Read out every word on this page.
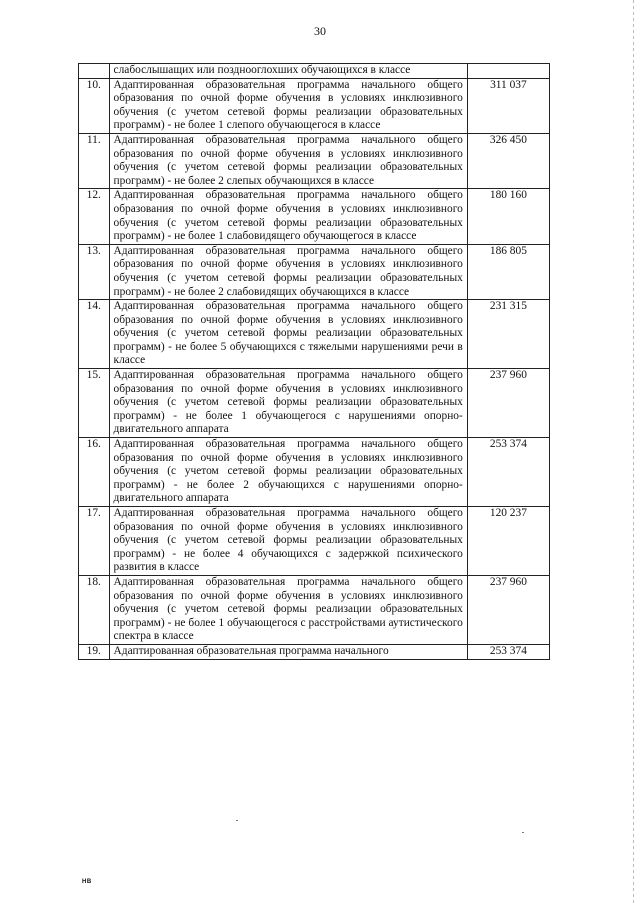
30
	слабослышащих или позднооглохших обучающихся в классе	
10.	Адаптированная образовательная программа начального общего образования по очной форме обучения в условиях инклюзивного обучения (с учетом сетевой формы реализации образовательных программ) - не более 1 слепого обучающегося в классе	311 037
11.	Адаптированная образовательная программа начального общего образования по очной форме обучения в условиях инклюзивного обучения (с учетом сетевой формы реализации образовательных программ) - не более 2 слепых обучающихся в классе	326 450
12.	Адаптированная образовательная программа начального общего образования по очной форме обучения в условиях инклюзивного обучения (с учетом сетевой формы реализации образовательных программ) - не более 1 слабовидящего обучающегося в классе	180 160
13.	Адаптированная образовательная программа начального общего образования по очной форме обучения в условиях инклюзивного обучения (с учетом сетевой формы реализации образовательных программ) - не более 2 слабовидящих обучающихся в классе	186 805
14.	Адаптированная образовательная программа начального общего образования по очной форме обучения в условиях инклюзивного обучения (с учетом сетевой формы реализации образовательных программ) - не более 5 обучающихся с тяжелыми нарушениями речи в классе	231 315
15.	Адаптированная образовательная программа начального общего образования по очной форме обучения в условиях инклюзивного обучения (с учетом сетевой формы реализации образовательных программ) - не более 1 обучающегося с нарушениями опорно-двигательного аппарата	237 960
16.	Адаптированная образовательная программа начального общего образования по очной форме обучения в условиях инклюзивного обучения (с учетом сетевой формы реализации образовательных программ) - не более 2 обучающихся с нарушениями опорно-двигательного аппарата	253 374
17.	Адаптированная образовательная программа начального общего образования по очной форме обучения в условиях инклюзивного обучения (с учетом сетевой формы реализации образовательных программ) - не более 4 обучающихся с задержкой психического развития в классе	120 237
18.	Адаптированная образовательная программа начального общего образования по очной форме обучения в условиях инклюзивного обучения (с учетом сетевой формы реализации образовательных программ) - не более 1 обучающегося с расстройствами аутистического спектра в классе	237 960
19.	Адаптированная образовательная программа начального	253 374
НВ
